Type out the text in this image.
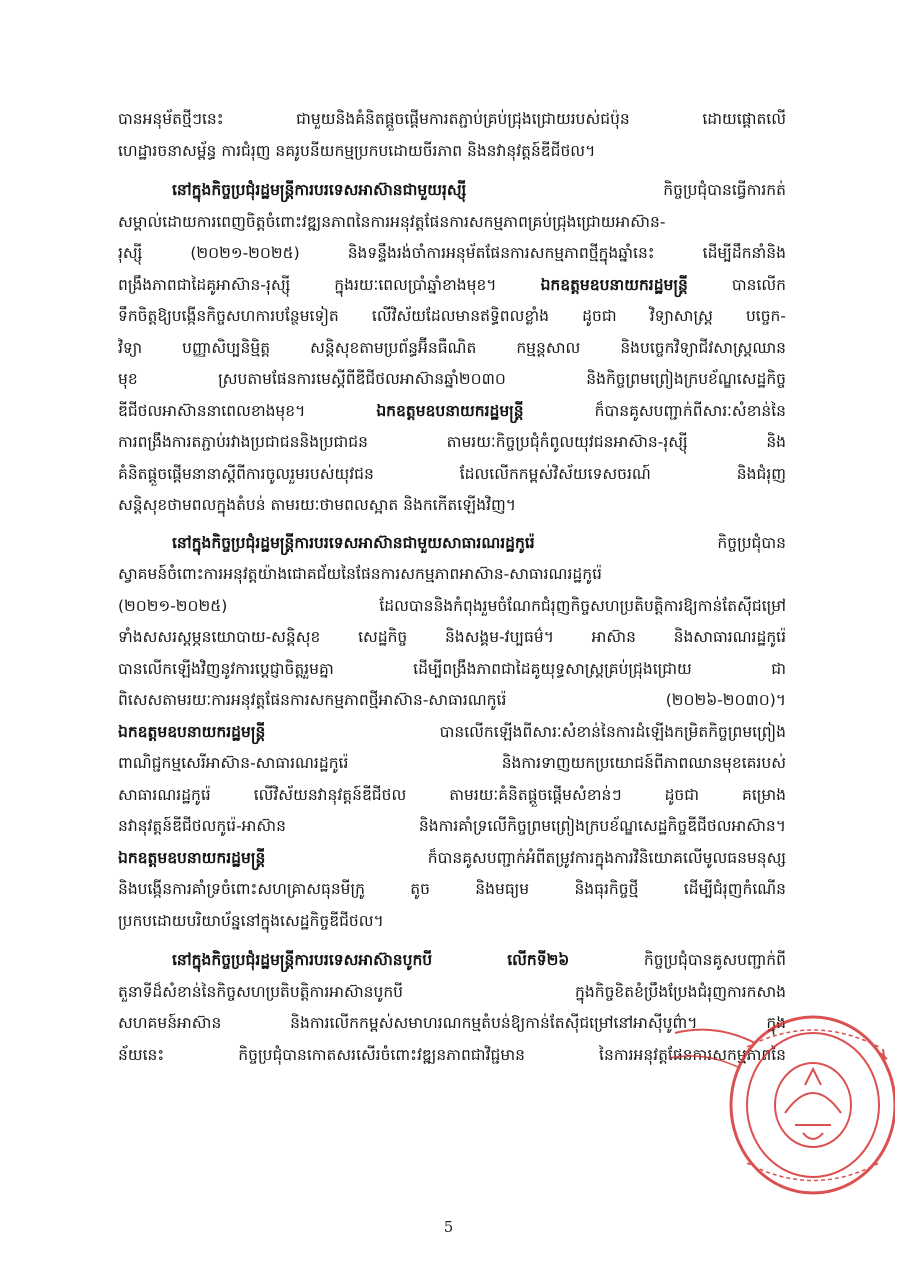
បានអនុម័តថ្មីៗនេះ ជាមួយនិងគំនិតផ្តួចផ្តើមការតភ្ជាប់គ្រប់ជ្រុងជ្រោយរបស់ជប៉ុន ដោយផ្តោតលើ
ហេដ្ឋារចនាសម្ព័ន្ធ ការជំរុញ នគរូបនីយកម្មប្រកបដោយចីរភាព និងនវានុវត្តន៍ឌីជីថល។
នៅក្នុងកិច្ចប្រជុំរដ្ឋមន្ត្រីការបរទេសអាស៊ានជាមួយរុស្ស៊ី កិច្ចប្រជុំបានធ្វើការកត់
សម្គាល់ដោយការពេញចិត្តចំពោះវឌ្ឍនភាពនៃការអនុវត្តផែនការសកម្មភាពគ្រប់ជ្រុងជ្រោយអាស៊ាន-
រុស្ស៊ី (២០២១-២០២៥) និងទន្ទឹងរង់ចាំការអនុម័តផែនការសកម្មភាពថ្មីក្នុងឆ្នាំនេះ ដើម្បីដឹកនាំនិង
ពង្រឹងភាពជាដៃគូអាស៊ាន-រុស្ស៊ី ក្នុងរយៈពេលប្រាំឆ្នាំខាងមុខ។ ឯកឧត្តមឧបនាយករដ្ឋមន្ត្រី បានលើក
ទឹកចិត្តឱ្យបង្កើនកិច្ចសហការបន្ថែមទៀត លើវិស័យដែលមានឥទ្ធិពលខ្លាំង ដូចជា វិទ្យាសាស្ត្រ បច្ចេក-
វិទ្យា បញ្ញាសិប្បនិម្មិត្ត សន្តិសុខតាមប្រព័ន្ធអ៊ីនធឺណិត កម្មន្តសាល និងបច្ចេកវិទ្យាជីវសាស្ត្រឈាន
មុខ ស្របតាមផែនការមេស្តីពីឌីជីថលអាស៊ានឆ្នាំ២០៣០ និងកិច្ចព្រមព្រៀងក្របខ័ណ្ឌសេដ្ឋកិច្ច
ឌីជីថលអាស៊ាននាពេលខាងមុខ។ ឯកឧត្តមឧបនាយករដ្ឋមន្ត្រី ក៏បានគូសបញ្ជាក់ពីសារៈសំខាន់នៃ
ការពង្រឹងការតភ្ជាប់រវាងប្រជាជននិងប្រជាជន តាមរយៈកិច្ចប្រជុំកំពូលយុវជនអាស៊ាន-រុស្ស៊ី និង
គំនិតផ្តួចផ្តើមនានាស្តីពីការចូលរួមរបស់យុវជន ដែលលើកកម្ពស់វិស័យទេសចរណ៍ និងជំរុញ
សន្តិសុខថាមពលក្នុងតំបន់ តាមរយៈថាមពលស្អាត និងកកើតឡើងវិញ។
នៅក្នុងកិច្ចប្រជុំរដ្ឋមន្ត្រីការបរទេសអាស៊ានជាមួយសាធារណរដ្ឋកូរ៉េ កិច្ចប្រជុំបាន
ស្វាគមន៍ចំពោះការអនុវត្តយ៉ាងជោគជ័យនៃផែនការសកម្មភាពអាស៊ាន-សាធារណរដ្ឋកូរ៉េ
(២០២១-២០២៥) ដែលបាននិងកំពុងរួមចំណែកជំរុញកិច្ចសហប្រតិបត្តិការឱ្យកាន់តែស៊ីជម្រៅ
ទាំងសសរស្តម្ភនយោបាយ-សន្តិសុខ សេដ្ឋកិច្ច និងសង្គម-វប្បធម៌។ អាស៊ាន និងសាធារណរដ្ឋកូរ៉េ
បានលើកឡើងវិញនូវការប្តេជ្ញាចិត្តរួមគ្នា ដើម្បីពង្រឹងភាពជាដៃគូយុទ្ធសាស្ត្រគ្រប់ជ្រុងជ្រោយ ជា
ពិសេសតាមរយៈការអនុវត្តផែនការសកម្មភាពថ្មីអាស៊ាន-សាធារណកូរ៉េ (២០២៦-២០៣០)។
ឯកឧត្តមឧបនាយករដ្ឋមន្ត្រី បានលើកឡើងពីសារៈសំខាន់នៃការដំឡើងកម្រិតកិច្ចព្រមព្រៀង
ពាណិជ្ជកម្មសេរីអាស៊ាន-សាធារណរដ្ឋកូរ៉េ និងការទាញយកប្រយោជន៍ពីភាពឈានមុខគេរបស់
សាធារណរដ្ឋកូរ៉េ លើវិស័យនវានុវត្តន៍ឌីជីថល តាមរយៈគំនិតផ្តួចផ្តើមសំខាន់ៗ ដូចជា គម្រោង
នវានុវត្តន៍ឌីជីថលកូរ៉េ-អាស៊ាន និងការគាំទ្រលើកិច្ចព្រមព្រៀងក្របខ័ណ្ឌសេដ្ឋកិច្ចឌីជីថលអាស៊ាន។
ឯកឧត្តមឧបនាយករដ្ឋមន្ត្រី ក៏បានគូសបញ្ជាក់អំពីតម្រូវការក្នុងការវិនិយោគលើមូលធនមនុស្ស
និងបង្កើនការគាំទ្រចំពោះសហគ្រាសធុនមីក្រូ តូច និងមធ្យម និងធុរកិច្ចថ្មី ដើម្បីជំរុញកំណើន
ប្រកបដោយបរិយាប័ន្ននៅក្នុងសេដ្ឋកិច្ចឌីជីថល។
នៅក្នុងកិច្ចប្រជុំរដ្ឋមន្ត្រីការបរទេសអាស៊ានបូកបី លើកទី២៦ កិច្ចប្រជុំបានគូសបញ្ជាក់ពី
តួនាទីដ៏សំខាន់នៃកិច្ចសហប្រតិបត្តិការអាស៊ានបូកបី ក្នុងកិច្ចខិតខំប្រឹងប្រែងជំរុញការកសាង
សហគមន៍អាស៊ាន និងការលើកកម្ពស់សមាហរណកម្មតំបន់ឱ្យកាន់តែស៊ីជម្រៅនៅអាស៊ីបូព៌ា។ ក្នុង
ន័យនេះ កិច្ចប្រជុំបានកោតសរសើរចំពោះវឌ្ឍនភាពជាវិជ្ជមាន នៃការអនុវត្តផែនការសកម្មភាពនៃ
5
